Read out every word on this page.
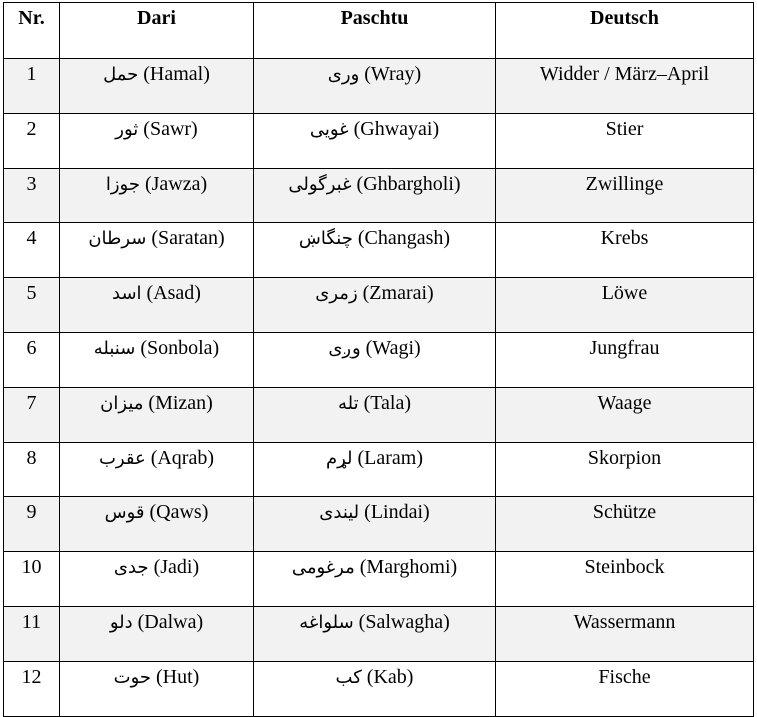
Nr.	Dari	Paschtu	Deutsch
1	حمل (Hamal)	وری (Wray)	Widder / März–April
2	ثور (Sawr)	غویی (Ghwayai)	Stier
3	جوزا (Jawza)	غبرگولی (Ghbargholi)	Zwillinge
4	سرطان (Saratan)	چنگاښ (Changash)	Krebs
5	اسد (Asad)	زمری (Zmarai)	Löwe
6	سنبله (Sonbola)	وږی (Wagi)	Jungfrau
7	میزان (Mizan)	تله (Tala)	Waage
8	عقرب (Aqrab)	لړم (Laram)	Skorpion
9	قوس (Qaws)	لیندی (Lindai)	Schütze
10	جدی (Jadi)	مرغومی (Marghomi)	Steinbock
11	دلو (Dalwa)	سلواغه (Salwagha)	Wassermann
12	حوت (Hut)	کب (Kab)	Fische
